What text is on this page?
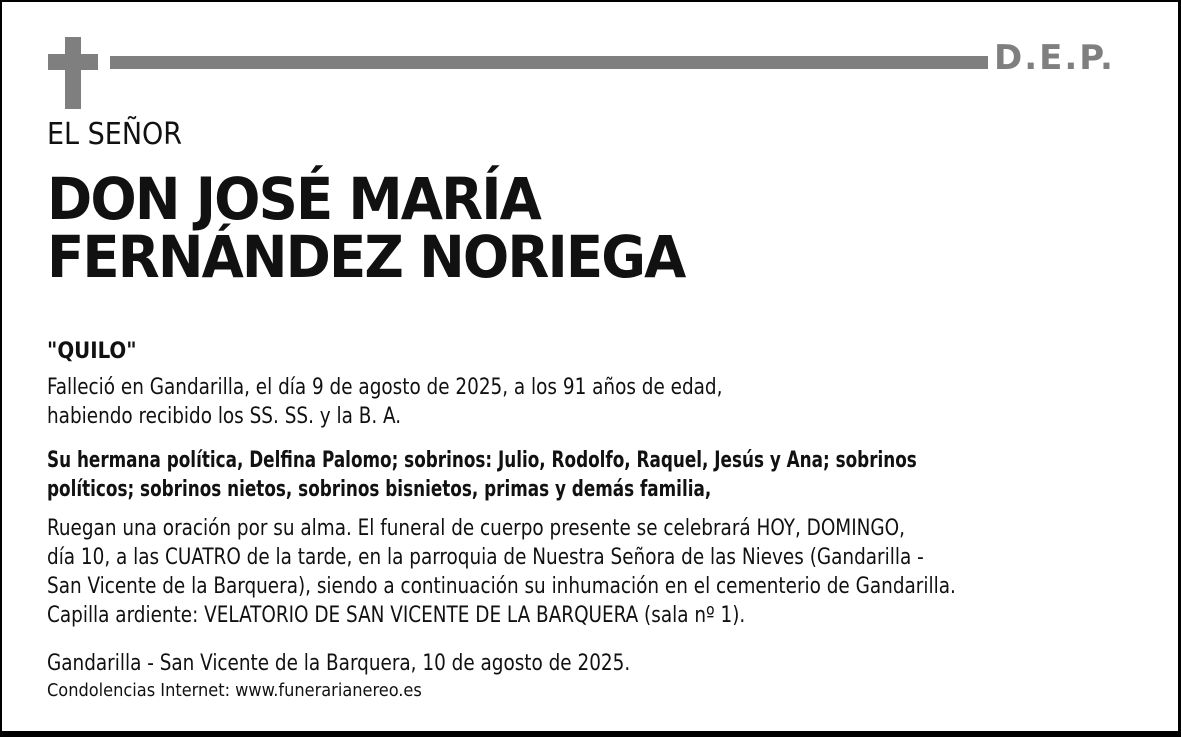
D.E.P.
EL SEÑOR
DON JOSÉ MARÍA
FERNÁNDEZ NORIEGA
"QUILO"
Falleció en Gandarilla, el día 9 de agosto de 2025, a los 91 años de edad,
habiendo recibido los SS. SS. y la B. A.
Su hermana política, Delfina Palomo; sobrinos: Julio, Rodolfo, Raquel, Jesús y Ana; sobrinos
políticos; sobrinos nietos, sobrinos bisnietos, primas y demás familia,
Ruegan una oración por su alma. El funeral de cuerpo presente se celebrará HOY, DOMINGO,
día 10, a las CUATRO de la tarde, en la parroquia de Nuestra Señora de las Nieves (Gandarilla -
San Vicente de la Barquera), siendo a continuación su inhumación en el cementerio de Gandarilla.
Capilla ardiente: VELATORIO DE SAN VICENTE DE LA BARQUERA (sala nº 1).
Gandarilla - San Vicente de la Barquera, 10 de agosto de 2025.
Condolencias Internet: www.funerarianereo.es
